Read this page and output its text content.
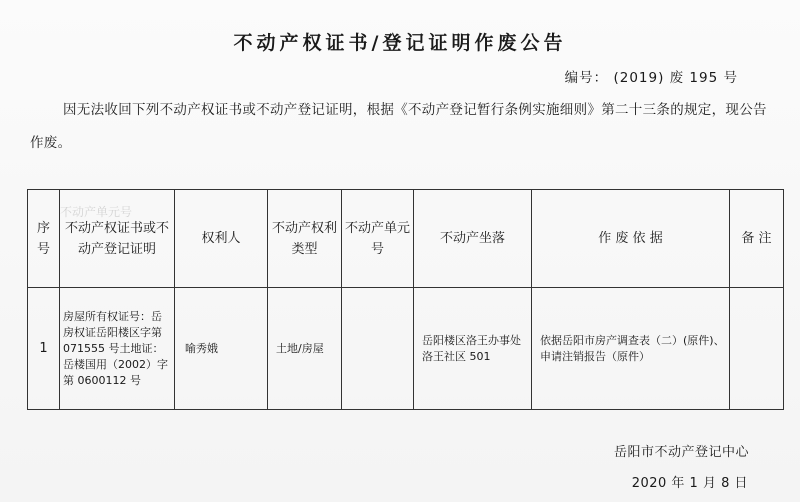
不动产权证书/登记证明作废公告
编号： (2019) 废 195 号
因无法收回下列不动产权证书或不动产登记证明，根据《不动产登记暂行条例实施细则》第二十三条的规定，现公告作废。
序号	不动产权证书或不动产登记证明	权利人	不动产权利类型	不动产单元号	不动产坐落	作 废 依 据	备 注
1	房屋所有权证号：岳房权证岳阳楼区字第 071555 号土地证：岳楼国用（2002）字第 0600112 号	喻秀娥	土地/房屋		岳阳楼区洛王办事处洛王社区 501	依据岳阳市房产调查表（二）(原件)、申请注销报告（原件）	
不动产单元号
岳阳市不动产登记中心
2020 年 1 月 8 日
